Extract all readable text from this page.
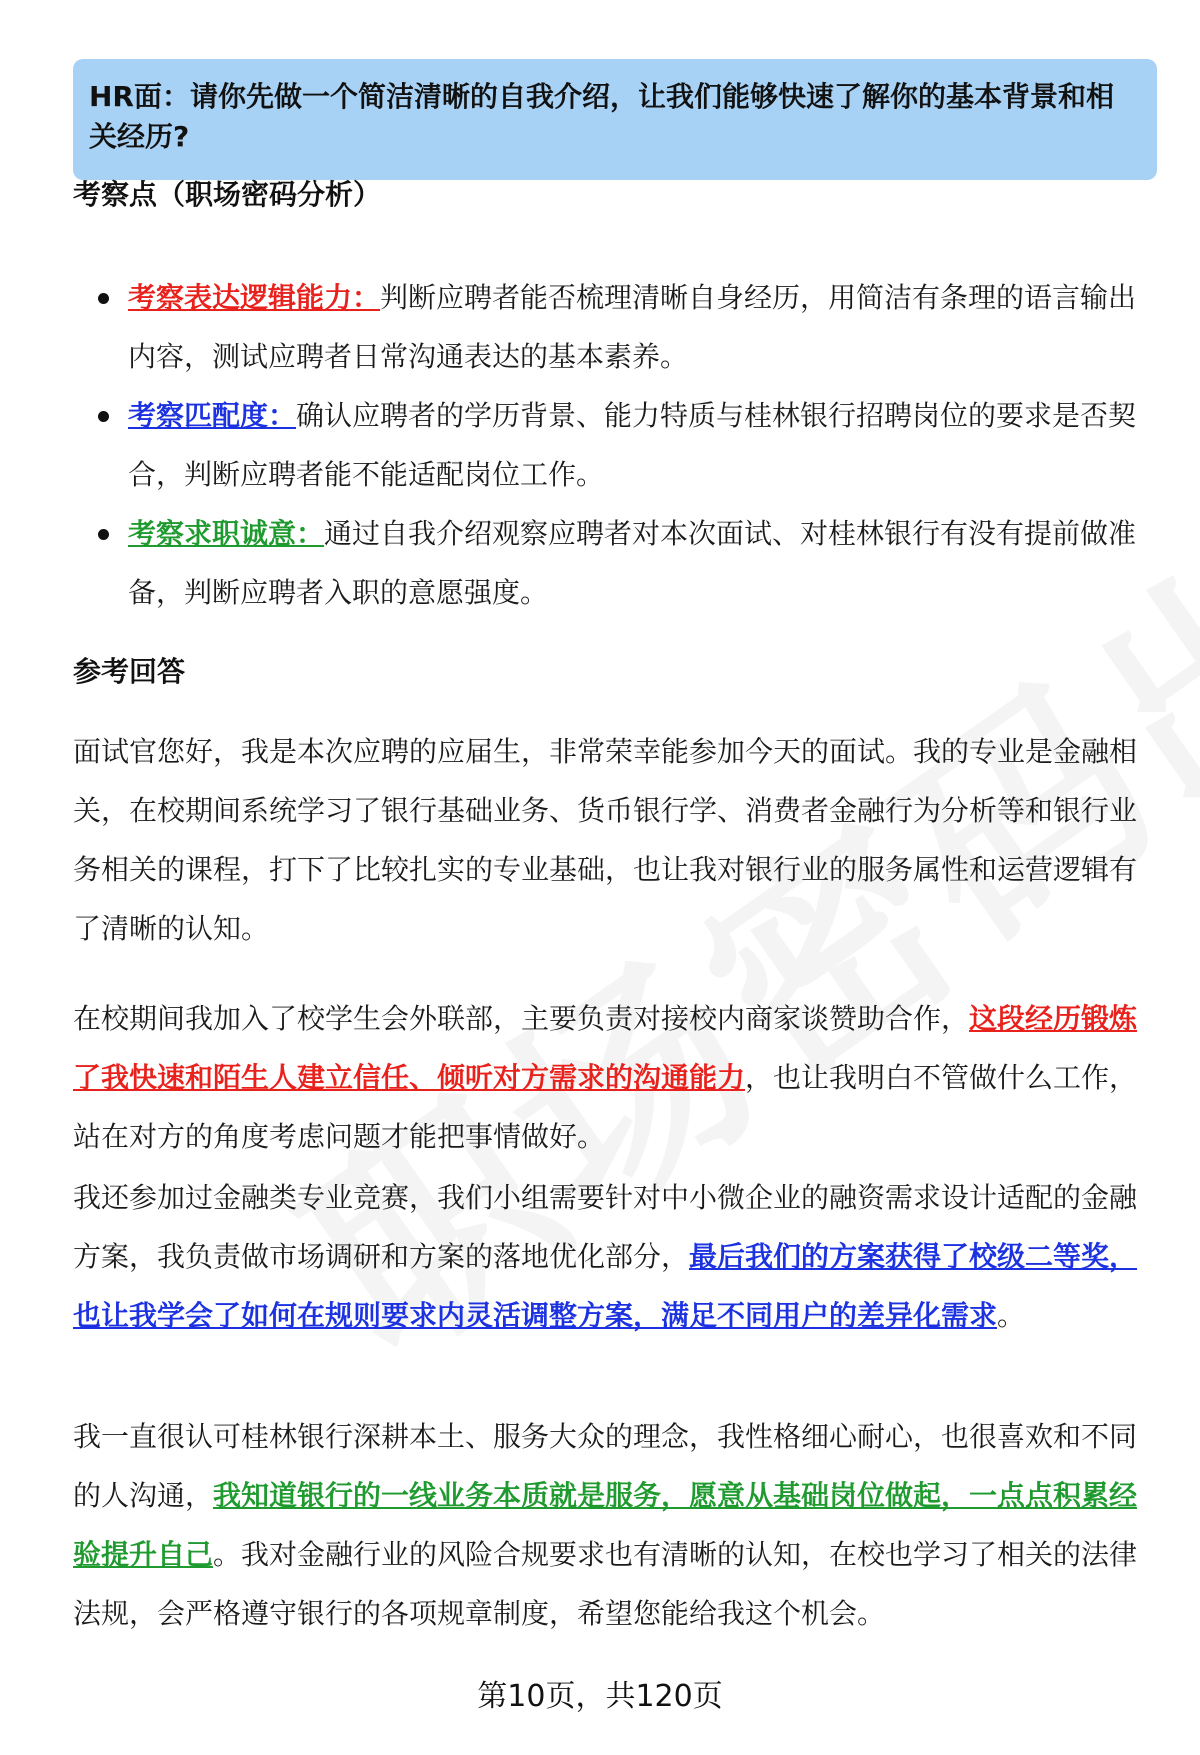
HR面：请你先做一个简洁清晰的自我介绍，让我们能够快速了解你的基本背景和相关经历?
考察点（职场密码分析）
考察表达逻辑能力：判断应聘者能否梳理清晰自身经历，用简洁有条理的语言输出内容，测试应聘者日常沟通表达的基本素养。
考察匹配度：确认应聘者的学历背景、能力特质与桂林银行招聘岗位的要求是否契合，判断应聘者能不能适配岗位工作。
考察求职诚意：通过自我介绍观察应聘者对本次面试、对桂林银行有没有提前做准备，判断应聘者入职的意愿强度。
参考回答
面试官您好，我是本次应聘的应届生，非常荣幸能参加今天的面试。我的专业是金融相关，在校期间系统学习了银行基础业务、货币银行学、消费者金融行为分析等和银行业务相关的课程，打下了比较扎实的专业基础，也让我对银行业的服务属性和运营逻辑有了清晰的认知。
在校期间我加入了校学生会外联部，主要负责对接校内商家谈赞助合作，这段经历锻炼了我快速和陌生人建立信任、倾听对方需求的沟通能力，也让我明白不管做什么工作，站在对方的角度考虑问题才能把事情做好。
我还参加过金融类专业竞赛，我们小组需要针对中小微企业的融资需求设计适配的金融方案，我负责做市场调研和方案的落地优化部分，最后我们的方案获得了校级二等奖，也让我学会了如何在规则要求内灵活调整方案，满足不同用户的差异化需求。
我一直很认可桂林银行深耕本土、服务大众的理念，我性格细心耐心，也很喜欢和不同的人沟通，我知道银行的一线业务本质就是服务，愿意从基础岗位做起，一点点积累经验提升自己。我对金融行业的风险合规要求也有清晰的认知，在校也学习了相关的法律法规，会严格遵守银行的各项规章制度，希望您能给我这个机会。
第10页，共120页
